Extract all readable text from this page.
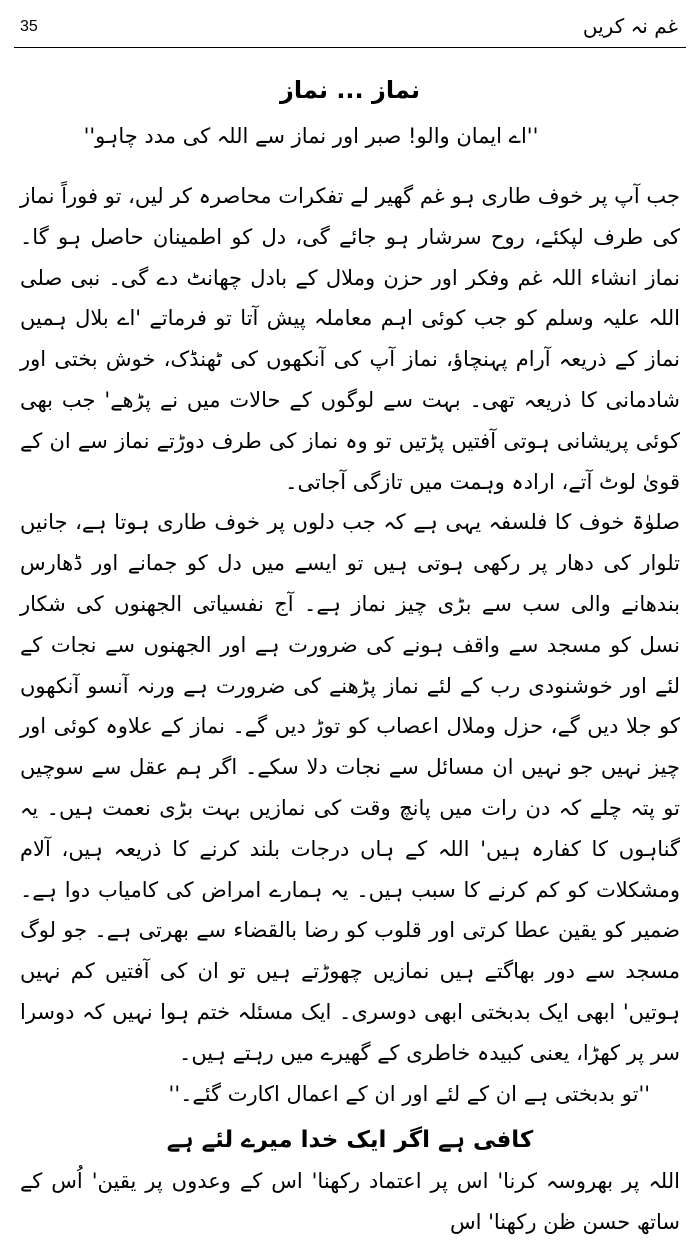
35	غم نہ کریں
نماز ... نماز
''اے ایمان والو! صبر اور نماز سے اللہ کی مدد چاہو''

جب آپ پر خوف طاری ہو غم گھیر لے تفکرات محاصرہ کر لیں، تو فوراً نماز کی طرف لپکئے، روح سرشار ہو جائے گی، دل کو اطمینان حاصل ہو گا۔ نماز انشاء اللہ غم وفکر اور حزن وملال کے بادل چھانٹ دے گی۔ نبی صلی اللہ علیہ وسلم کو جب کوئی اہم معاملہ پیش آتا تو فرماتے 'اے بلال ہمیں نماز کے ذریعہ آرام پہنچاؤ، نماز آپ کی آنکھوں کی ٹھنڈک، خوش بختی اور شادمانی کا ذریعہ تھی۔ بہت سے لوگوں کے حالات میں نے پڑھے' جب بھی کوئی پریشانی ہوتی آفتیں پڑتیں تو وہ نماز کی طرف دوڑتے نماز سے ان کے قویٰ لوٹ آتے، ارادہ وہمت میں تازگی آجاتی۔

صلوٰۃ خوف کا فلسفہ یہی ہے کہ جب دلوں پر خوف طاری ہوتا ہے، جانیں تلوار کی دھار پر رکھی ہوتی ہیں تو ایسے میں دل کو جمانے اور ڈھارس بندھانے والی سب سے بڑی چیز نماز ہے۔ آج نفسیاتی الجھنوں کی شکار نسل کو مسجد سے واقف ہونے کی ضرورت ہے اور الجھنوں سے نجات کے لئے اور خوشنودی رب کے لئے نماز پڑھنے کی ضرورت ہے ورنہ آنسو آنکھوں کو جلا دیں گے، حزل وملال اعصاب کو توڑ دیں گے۔ نماز کے علاوہ کوئی اور چیز نہیں جو نہیں ان مسائل سے نجات دلا سکے۔ اگر ہم عقل سے سوچیں تو پتہ چلے کہ دن رات میں پانچ وقت کی نمازیں بہت بڑی نعمت ہیں۔ یہ گناہوں کا کفارہ ہیں' اللہ کے ہاں درجات بلند کرنے کا ذریعہ ہیں، آلام ومشکلات کو کم کرنے کا سبب ہیں۔ یہ ہمارے امراض کی کامیاب دوا ہے۔ ضمیر کو یقین عطا کرتی اور قلوب کو رضا بالقضاء سے بھرتی ہے۔ جو لوگ مسجد سے دور بھاگتے ہیں نمازیں چھوڑتے ہیں تو ان کی آفتیں کم نہیں ہوتیں' ابھی ایک بدبختی ابھی دوسری۔ ایک مسئلہ ختم ہوا نہیں کہ دوسرا سر پر کھڑا، یعنی کبیدہ خاطری کے گھیرے میں رہتے ہیں۔

''تو بدبختی ہے ان کے لئے اور ان کے اعمال اکارت گئے۔''

کافی ہے اگر ایک خدا میرے لئے ہے

اللہ پر بھروسہ کرنا' اس پر اعتماد رکھنا' اس کے وعدوں پر یقین' اُس کے ساتھ حسن ظن رکھنا' اس
